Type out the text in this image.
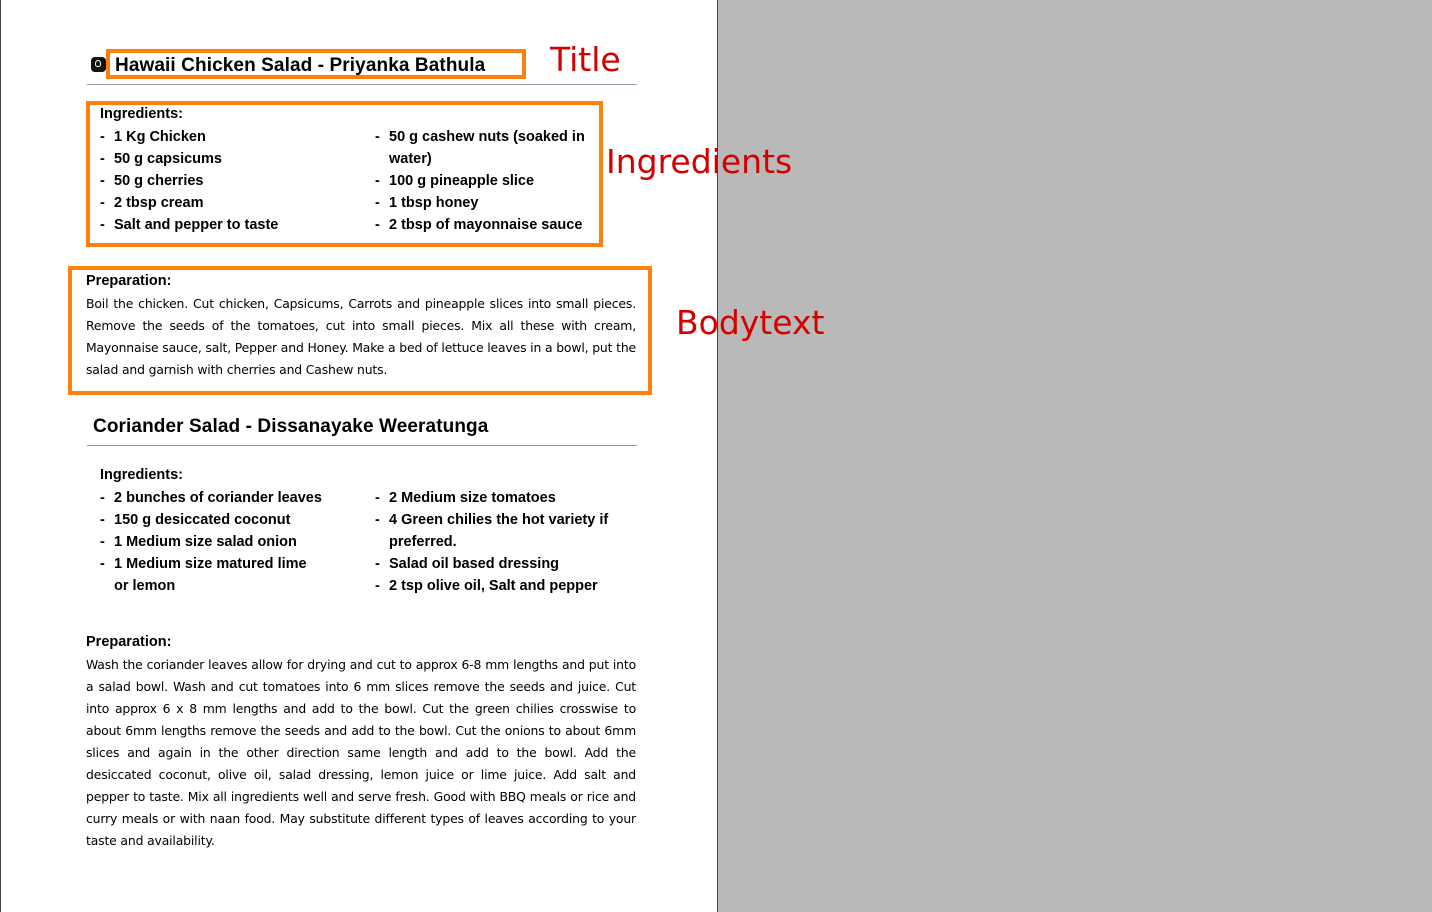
Hawaii Chicken Salad - Priyanka Bathula
Ingredients:
- 1 Kg Chicken
- 50 g capsicums
- 50 g cherries
- 2 tbsp cream
- Salt and pepper to taste
- 50 g cashew nuts (soaked in water)
- 100 g pineapple slice
- 1 tbsp honey
- 2 tbsp of mayonnaise sauce
Preparation:

Boil the chicken. Cut chicken, Capsicums, Carrots and pineapple slices into small pieces. Remove the seeds of the tomatoes, cut into small pieces. Mix all these with cream, Mayonnaise sauce, salt, Pepper and Honey. Make a bed of lettuce leaves in a bowl, put the salad and garnish with cherries and Cashew nuts.

Coriander Salad - Dissanayake Weeratunga
Ingredients:
- 2 bunches of coriander leaves
- 150 g desiccated coconut
- 1 Medium size salad onion
- 1 Medium size matured lime or lemon
- 2 Medium size tomatoes
- 4 Green chilies the hot variety if preferred.
- Salad oil based dressing
- 2 tsp olive oil, Salt and pepper
Preparation:

Wash the coriander leaves allow for drying and cut to approx 6-8 mm lengths and put into a salad bowl. Wash and cut tomatoes into 6 mm slices remove the seeds and juice. Cut into approx 6 x 8 mm lengths and add to the bowl. Cut the green chilies crosswise to about 6mm lengths remove the seeds and add to the bowl. Cut the onions to about 6mm slices and again in the other direction same length and add to the bowl. Add the desiccated coconut, olive oil, salad dressing, lemon juice or lime juice. Add salt and pepper to taste. Mix all ingredients well and serve fresh. Good with BBQ meals or rice and curry meals or with naan food. May substitute different types of leaves according to your taste and availability.

Title
Ingredients
Bodytext
